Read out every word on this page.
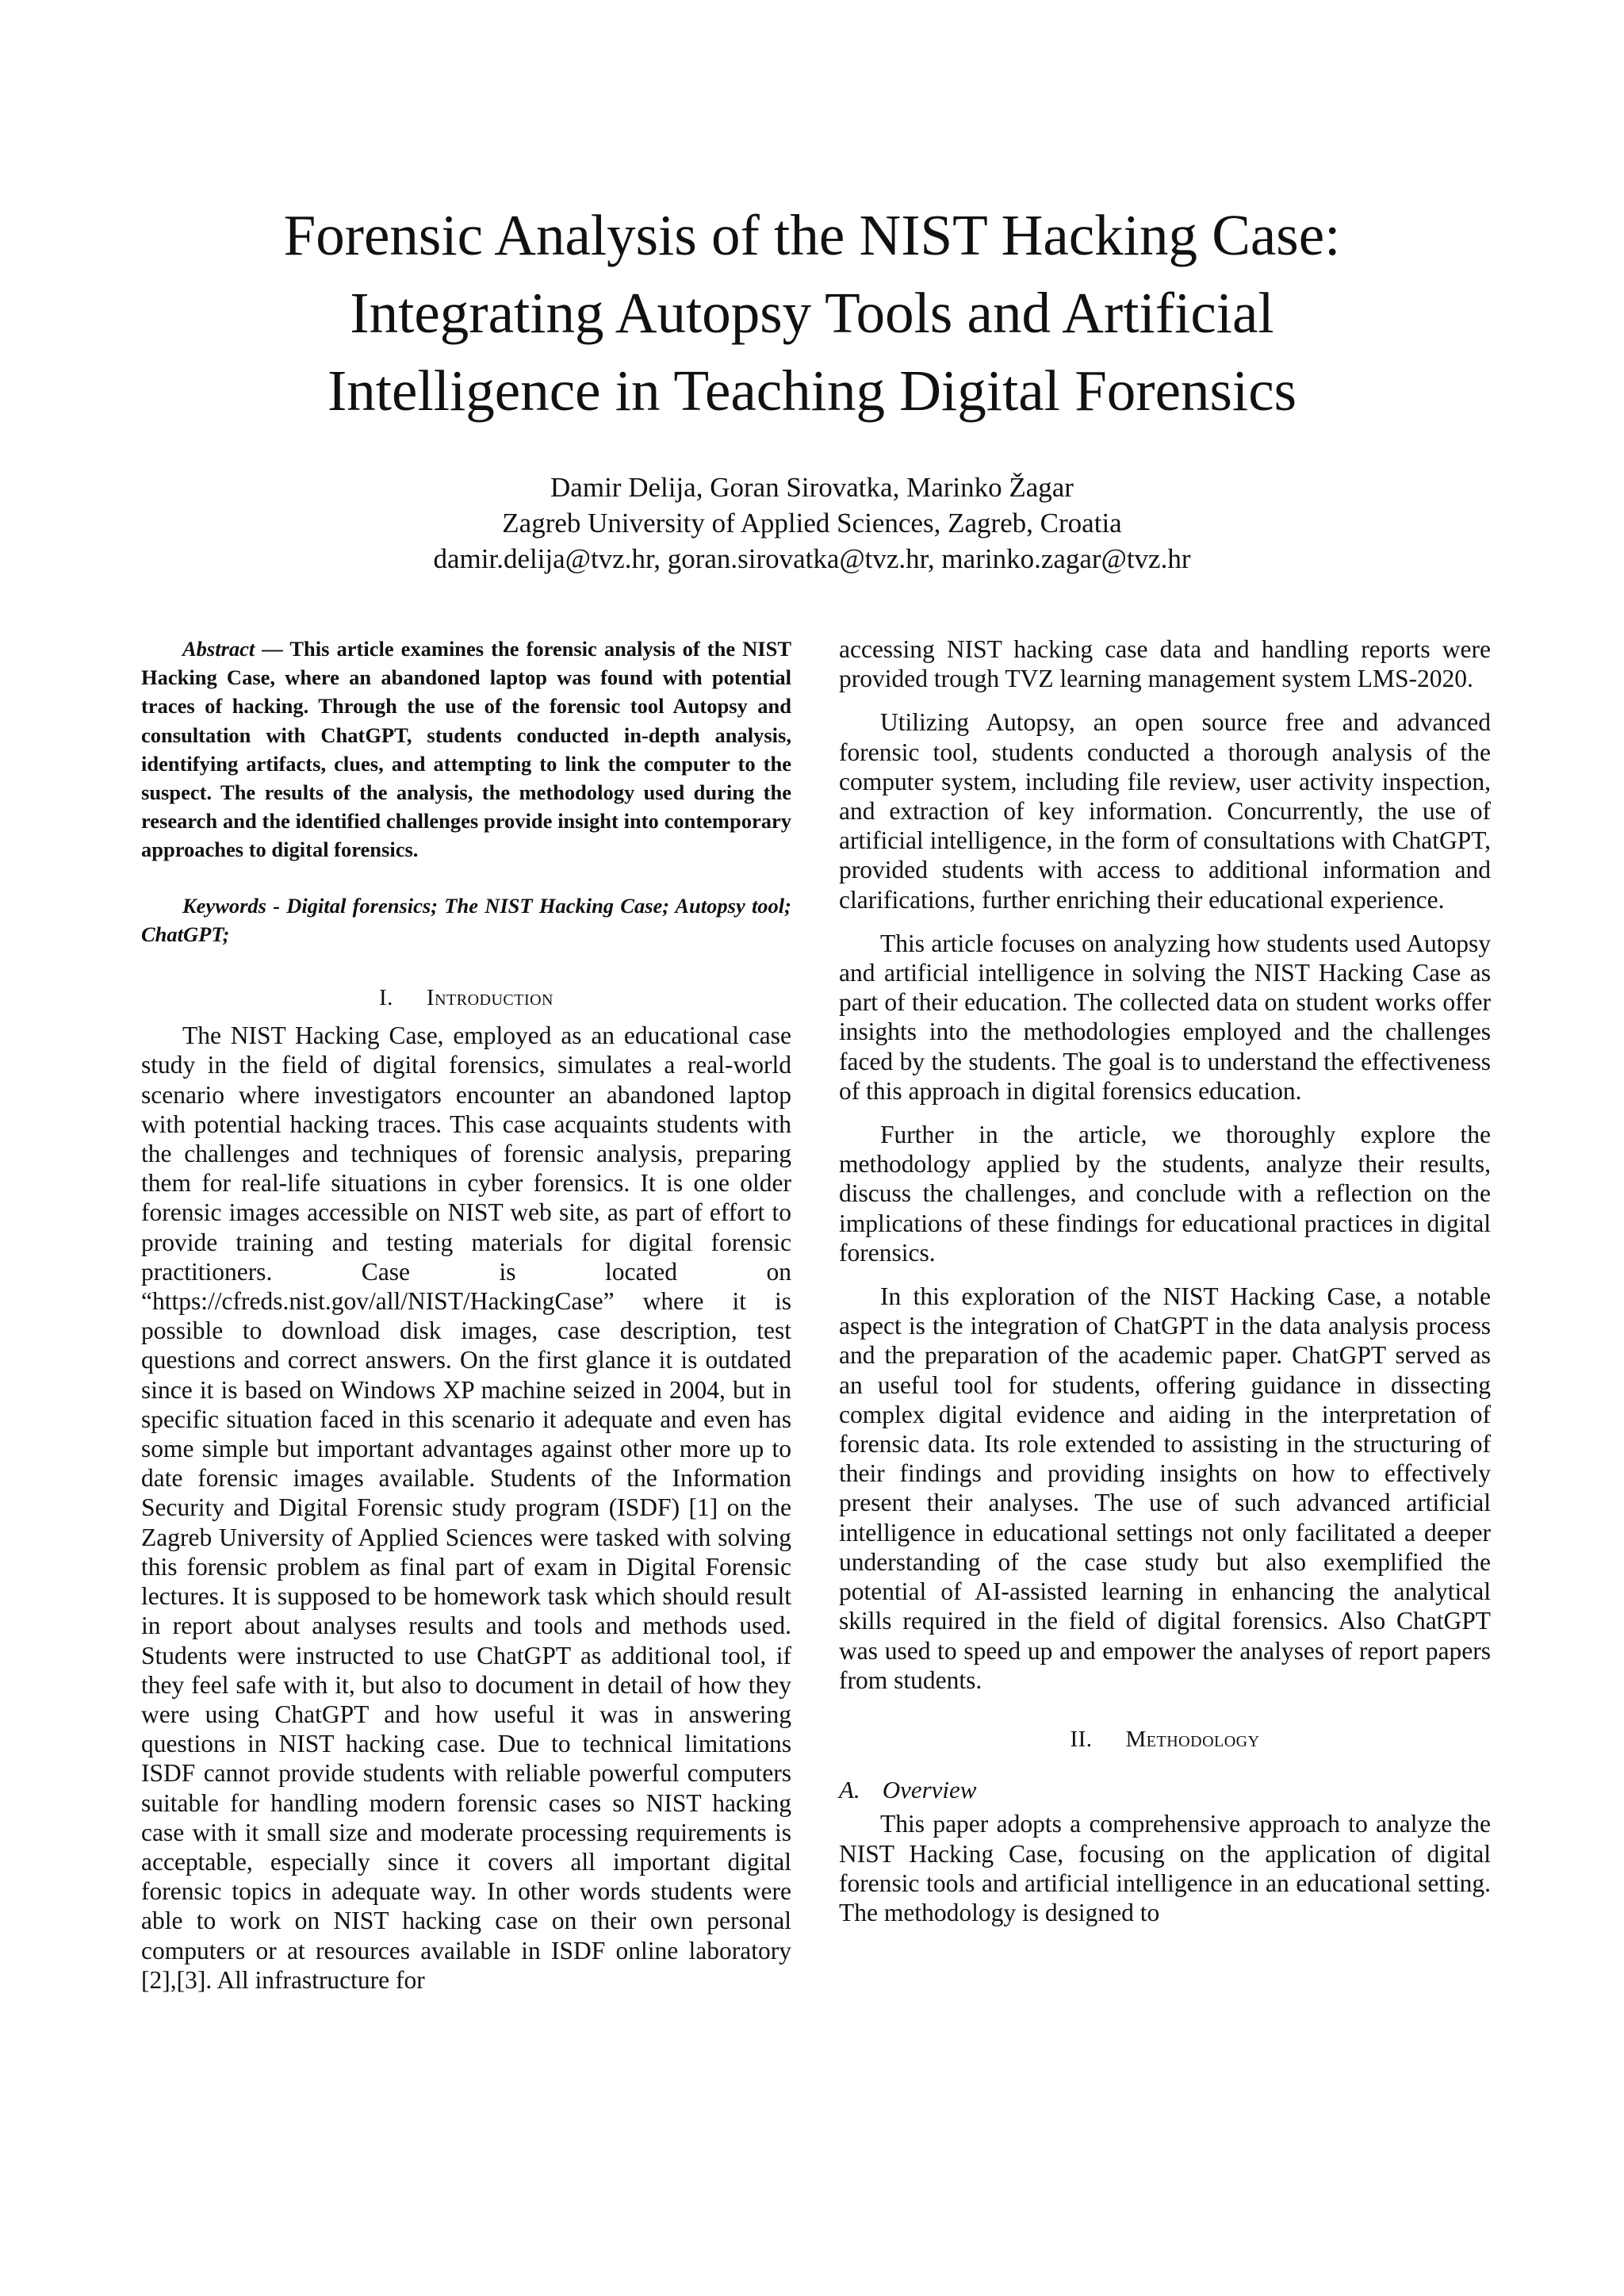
Forensic Analysis of the NIST Hacking Case:
Integrating Autopsy Tools and Artificial
Intelligence in Teaching Digital Forensics
Damir Delija, Goran Sirovatka, Marinko Žagar
Zagreb University of Applied Sciences, Zagreb, Croatia
damir.delija@tvz.hr, goran.sirovatka@tvz.hr, marinko.zagar@tvz.hr

Abstract — This article examines the forensic analysis of the NIST Hacking Case, where an abandoned laptop was found with potential traces of hacking. Through the use of the forensic tool Autopsy and consultation with ChatGPT, students conducted in-depth analysis, identifying artifacts, clues, and attempting to link the computer to the suspect. The results of the analysis, the methodology used during the research and the identified challenges provide insight into contemporary approaches to digital forensics.

Keywords - Digital forensics; The NIST Hacking Case; Autopsy tool; ChatGPT;

I. Introduction

The NIST Hacking Case, employed as an educational case study in the field of digital forensics, simulates a real-world scenario where investigators encounter an abandoned laptop with potential hacking traces. This case acquaints students with the challenges and techniques of forensic analysis, preparing them for real-life situations in cyber forensics. It is one older forensic images accessible on NIST web site, as part of effort to provide training and testing materials for digital forensic practitioners. Case is located on “https://cfreds.nist.gov/all/NIST/HackingCase” where it is possible to download disk images, case description, test questions and correct answers. On the first glance it is outdated since it is based on Windows XP machine seized in 2004, but in specific situation faced in this scenario it adequate and even has some simple but important advantages against other more up to date forensic images available. Students of the Information Security and Digital Forensic study program (ISDF) [1] on the Zagreb University of Applied Sciences were tasked with solving this forensic problem as final part of exam in Digital Forensic lectures. It is supposed to be homework task which should result in report about analyses results and tools and methods used. Students were instructed to use ChatGPT as additional tool, if they feel safe with it, but also to document in detail of how they were using ChatGPT and how useful it was in answering questions in NIST hacking case. Due to technical limitations ISDF cannot provide students with reliable powerful computers suitable for handling modern forensic cases so NIST hacking case with it small size and moderate processing requirements is acceptable, especially since it covers all important digital forensic topics in adequate way. In other words students were able to work on NIST hacking case on their own personal computers or at resources available in ISDF online laboratory [2],[3]. All infrastructure for

accessing NIST hacking case data and handling reports were provided trough TVZ learning management system LMS-2020.

Utilizing Autopsy, an open source free and advanced forensic tool, students conducted a thorough analysis of the computer system, including file review, user activity inspection, and extraction of key information. Concurrently, the use of artificial intelligence, in the form of consultations with ChatGPT, provided students with access to additional information and clarifications, further enriching their educational experience.

This article focuses on analyzing how students used Autopsy and artificial intelligence in solving the NIST Hacking Case as part of their education. The collected data on student works offer insights into the methodologies employed and the challenges faced by the students. The goal is to understand the effectiveness of this approach in digital forensics education.

Further in the article, we thoroughly explore the methodology applied by the students, analyze their results, discuss the challenges, and conclude with a reflection on the implications of these findings for educational practices in digital forensics.

In this exploration of the NIST Hacking Case, a notable aspect is the integration of ChatGPT in the data analysis process and the preparation of the academic paper. ChatGPT served as an useful tool for students, offering guidance in dissecting complex digital evidence and aiding in the interpretation of forensic data. Its role extended to assisting in the structuring of their findings and providing insights on how to effectively present their analyses. The use of such advanced artificial intelligence in educational settings not only facilitated a deeper understanding of the case study but also exemplified the potential of AI-assisted learning in enhancing the analytical skills required in the field of digital forensics. Also ChatGPT was used to speed up and empower the analyses of report papers from students.

II. Methodology
A. Overview

This paper adopts a comprehensive approach to analyze the NIST Hacking Case, focusing on the application of digital forensic tools and artificial intelligence in an educational setting. The methodology is designed to
